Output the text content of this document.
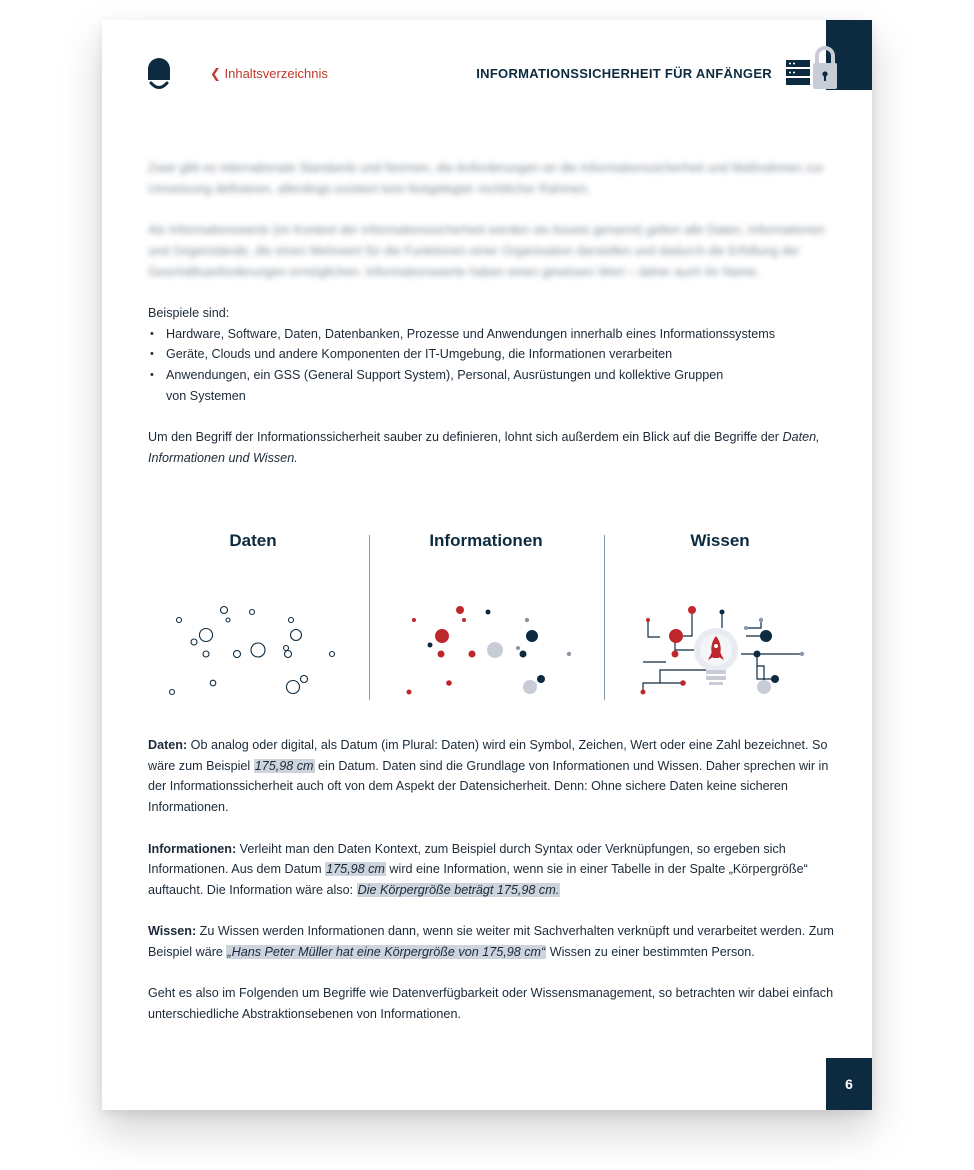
❮ Inhaltsverzeichnis	INFORMATIONSSICHERHEIT FÜR ANFÄNGER

Zwar gibt es internationale Standards und Normen, die Anforderungen an die Informationssicherheit und Maßnahmen zur Umsetzung definieren, allerdings existiert kein festgelegter rechtlicher Rahmen.

Als Informationswerte (im Kontext der Informationssicherheit werden sie Assets genannt) gelten alle Daten, Informationen und Gegenstände, die einen Mehrwert für die Funktionen einer Organisation darstellen und dadurch die Erfüllung der Geschäftsanforderungen ermöglichen. Informationswerte haben einen gewissen Wert – daher auch ihr Name.

Beispiele sind:

• Hardware, Software, Daten, Datenbanken, Prozesse und Anwendungen innerhalb eines Informationssystems
• Geräte, Clouds und andere Komponenten der IT-Umgebung, die Informationen verarbeiten
• Anwendungen, ein GSS (General Support System), Personal, Ausrüstungen und kollektive Gruppen von Systemen

Um den Begriff der Informationssicherheit sauber zu definieren, lohnt sich außerdem ein Blick auf die Begriffe der Daten, Informationen und Wissen.

Daten	Informationen	Wissen

Daten: Ob analog oder digital, als Datum (im Plural: Daten) wird ein Symbol, Zeichen, Wert oder eine Zahl bezeichnet. So wäre zum Beispiel 175,98 cm ein Datum. Daten sind die Grundlage von Informationen und Wissen. Daher sprechen wir in der Informationssicherheit auch oft von dem Aspekt der Datensicherheit. Denn: Ohne sichere Daten keine sicheren Informationen.

Informationen: Verleiht man den Daten Kontext, zum Beispiel durch Syntax oder Verknüpfungen, so ergeben sich Informationen. Aus dem Datum 175,98 cm wird eine Information, wenn sie in einer Tabelle in der Spalte „Körpergröße“ auftaucht. Die Information wäre also: Die Körpergröße beträgt 175,98 cm.

Wissen: Zu Wissen werden Informationen dann, wenn sie weiter mit Sachverhalten verknüpft und verarbeitet werden. Zum Beispiel wäre „Hans Peter Müller hat eine Körpergröße von 175,98 cm“ Wissen zu einer bestimmten Person.

Geht es also im Folgenden um Begriffe wie Datenverfügbarkeit oder Wissensmanagement, so betrachten wir dabei einfach unterschiedliche Abstraktionsebenen von Informationen.

6
